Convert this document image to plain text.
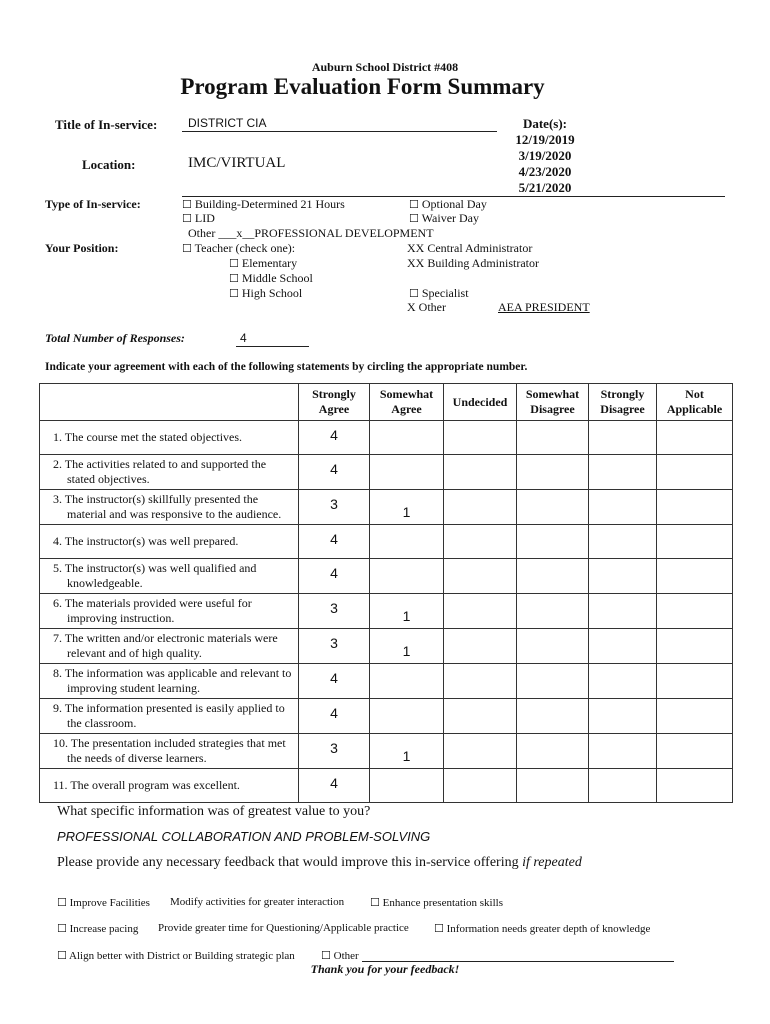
Auburn School District #408
Program Evaluation Form Summary
Title of In-service:	DISTRICT CIA
Location:	IMC/VIRTUAL
Date(s):
12/19/2019
3/19/2020
4/23/2020
5/21/2020
Type of In-service:	☐ Building-Determined 21 Hours	☐ Optional Day
☐ LID	☐ Waiver Day
Other ___x__PROFESSIONAL DEVELOPMENT
Your Position:	☐ Teacher (check one):
☐ Elementary
☐ Middle School
☐ High School
XX Central Administrator
XX Building Administrator
☐ Specialist
X Other	AEA PRESIDENT
Total Number of Responses:	4
Indicate your agreement with each of the following statements by circling the appropriate number.
	Strongly
Agree	Somewhat
Agree	Undecided	Somewhat
Disagree	Strongly
Disagree	Not
Applicable

1. The course met the stated objectives.	4					

2. The activities related to and supported the stated objectives.	4					

3. The instructor(s) skillfully presented the material and was responsive to the audience.	3	1				

4. The instructor(s) was well prepared.	4					

5. The instructor(s) was well qualified and knowledgeable.	4					

6. The materials provided were useful for improving instruction.	3	1				

7. The written and/or electronic materials were relevant and of high quality.	3	1				

8. The information was applicable and relevant to improving student learning.	4					

9. The information presented is easily applied to the classroom.	4					

10. The presentation included strategies that met the needs of diverse learners.	3	1				

11. The overall program was excellent.	4					

What specific information was of greatest value to you?
PROFESSIONAL COLLABORATION AND PROBLEM-SOLVING
Please provide any necessary feedback that would improve this in-service offering if repeated
☐ Improve Facilities Modify activities for greater interaction ☐ Enhance presentation skills
☐ Increase pacing Provide greater time for Questioning/Applicable practice ☐ Information needs greater depth of knowledge
☐ Align better with District or Building strategic plan ☐ Other
Thank you for your feedback!
